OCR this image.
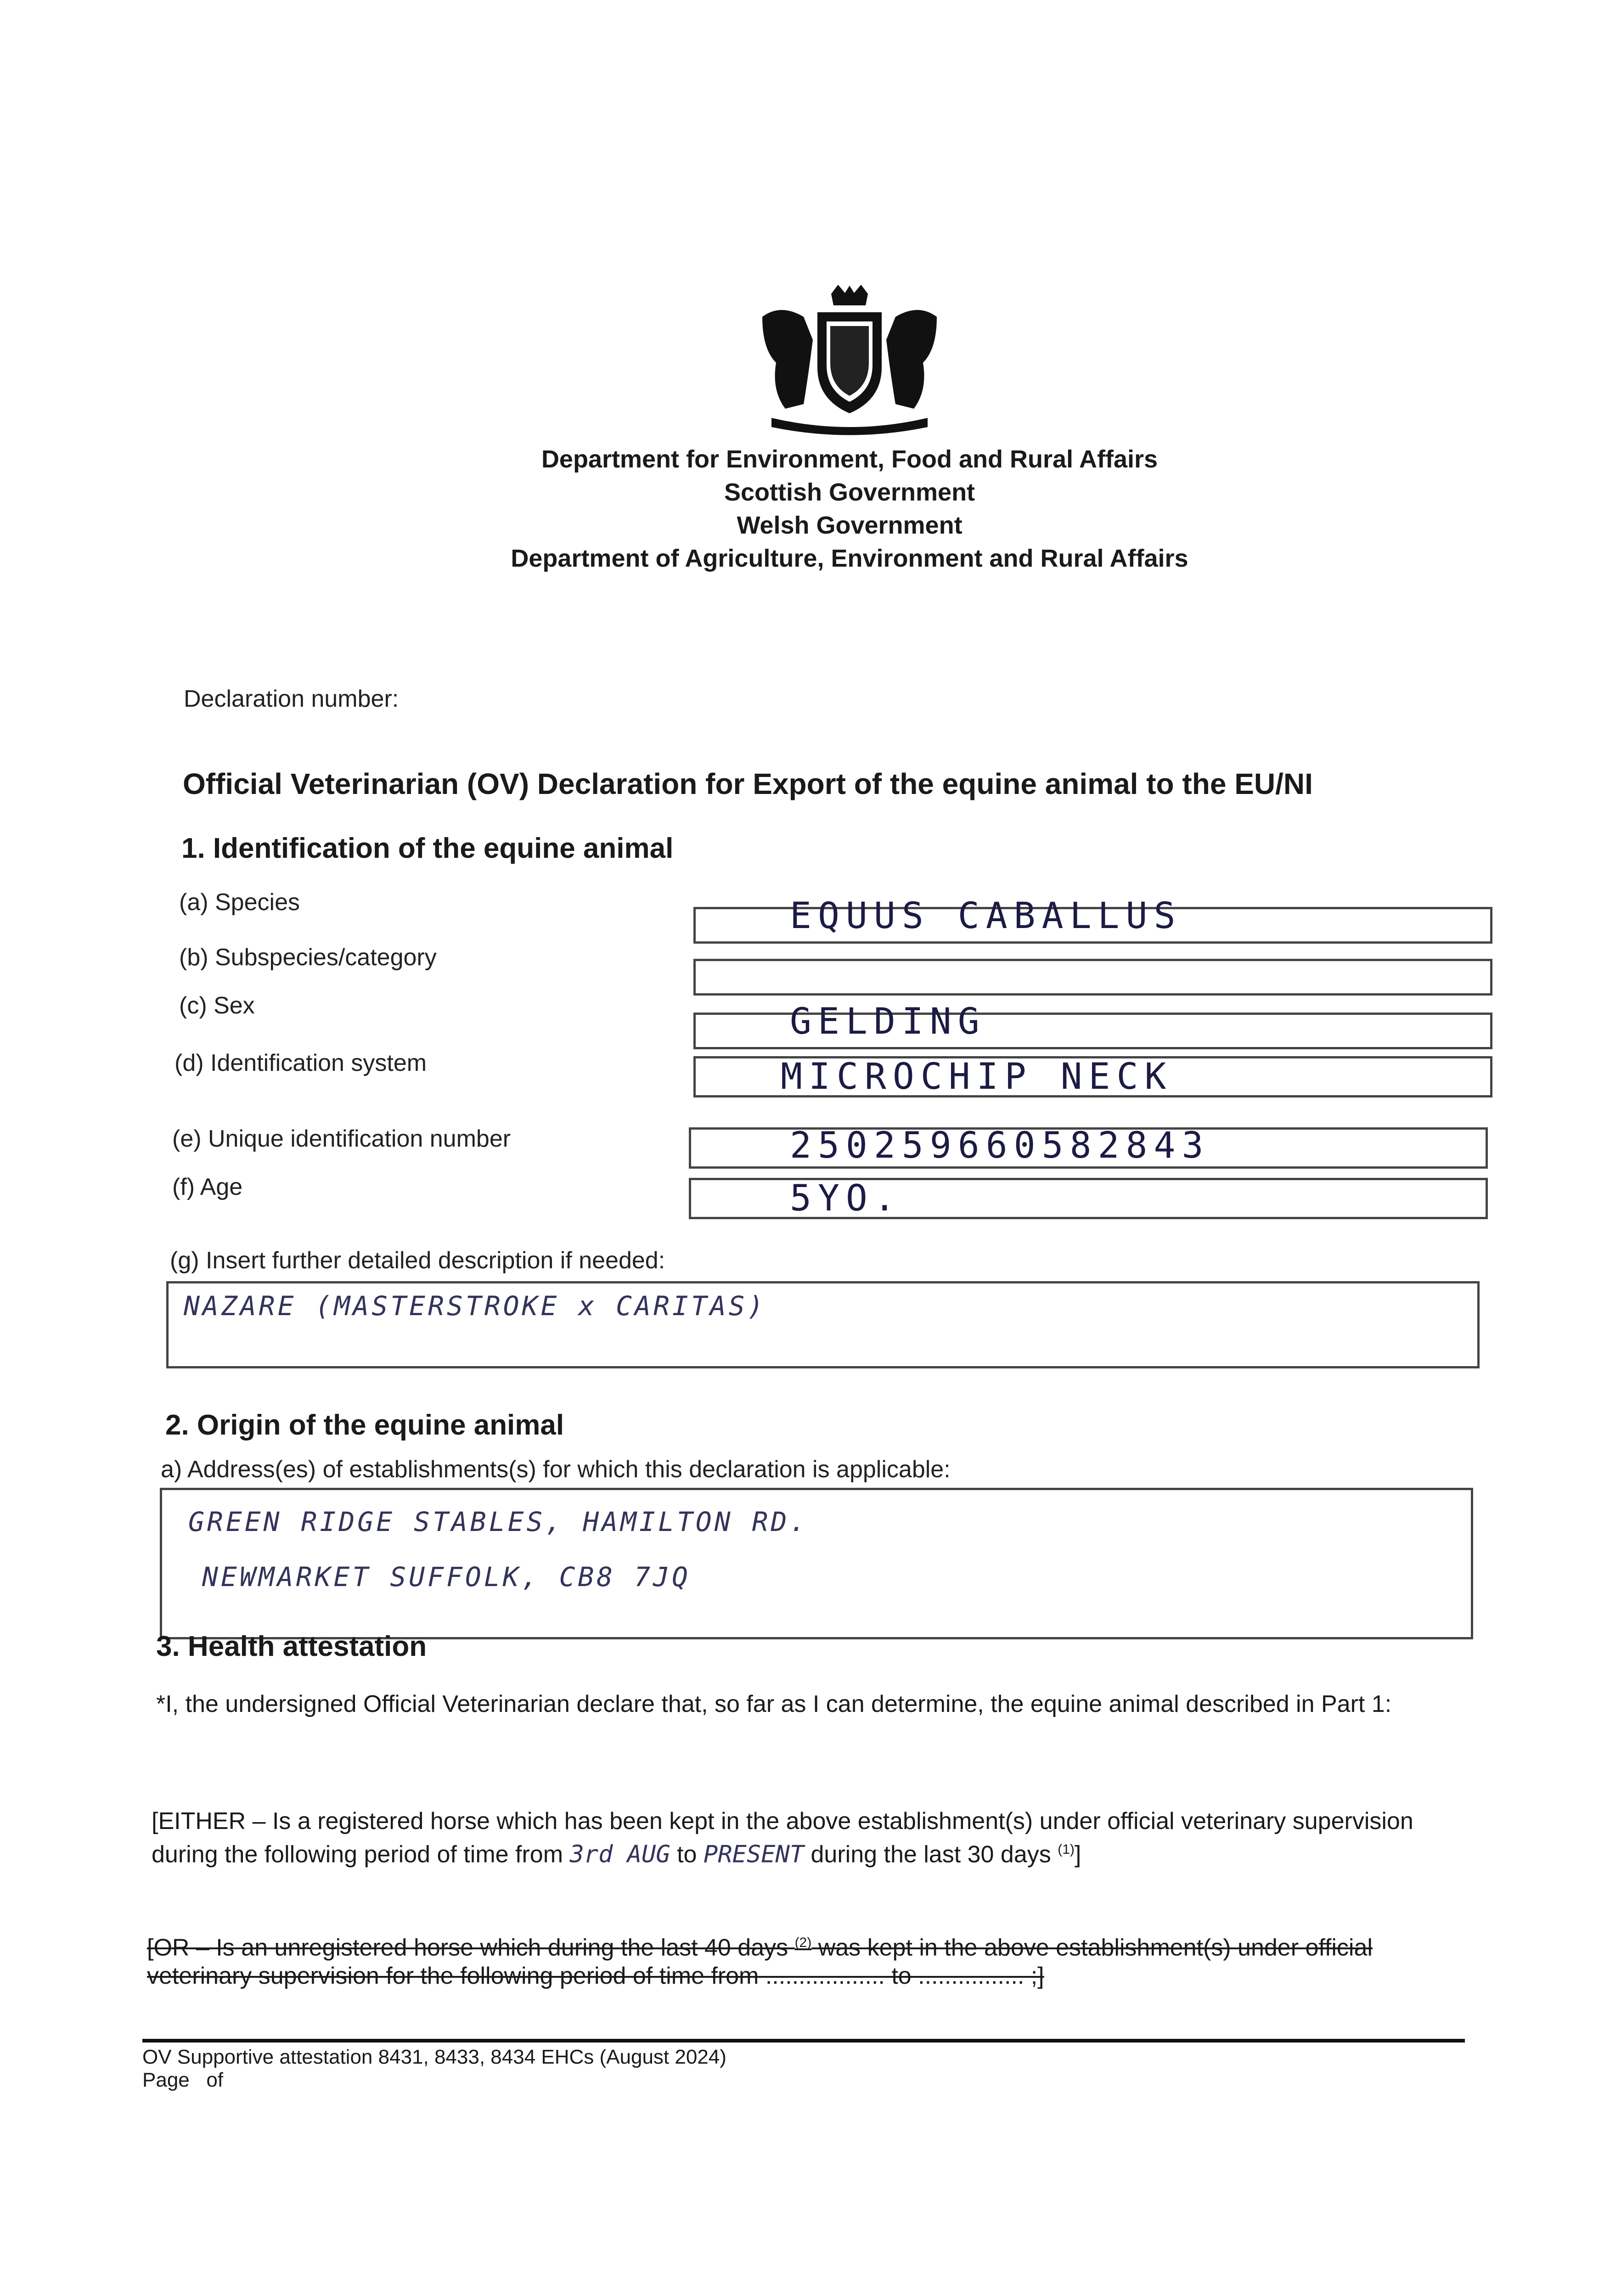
Department for Environment, Food and Rural Affairs
Scottish Government
Welsh Government
Department of Agriculture, Environment and Rural Affairs
Declaration number:
Official Veterinarian (OV) Declaration for Export of the equine animal to the EU/NI
1. Identification of the equine animal
(a) Species	EQUUS CABALLUS
(b) Subspecies/category
(c) Sex	GELDING
(d) Identification system	MICROCHIP NECK
(e) Unique identification number	250259660582843
(f) Age	5YO.
(g) Insert further detailed description if needed:
NAZARE (MASTERSTROKE x CARITAS)
2. Origin of the equine animal
a) Address(es) of establishments(s) for which this declaration is applicable:
GREEN RIDGE STABLES, HAMILTON RD.
NEWMARKET SUFFOLK, CB8 7JQ
3. Health attestation
*I, the undersigned Official Veterinarian declare that, so far as I can determine, the equine animal described in Part 1:
[EITHER – Is a registered horse which has been kept in the above establishment(s) under official veterinary supervision during the following period of time from 3rd AUG to PRESENT during the last 30 days $^{(1)}$]
[OR – Is an unregistered horse which during the last 40 days $^{(2)}$ was kept in the above establishment(s) under official veterinary supervision for the following period of time from .................. to ................ ;]
OV Supportive attestation 8431, 8433, 8434 EHCs (August 2024)
Page   of
